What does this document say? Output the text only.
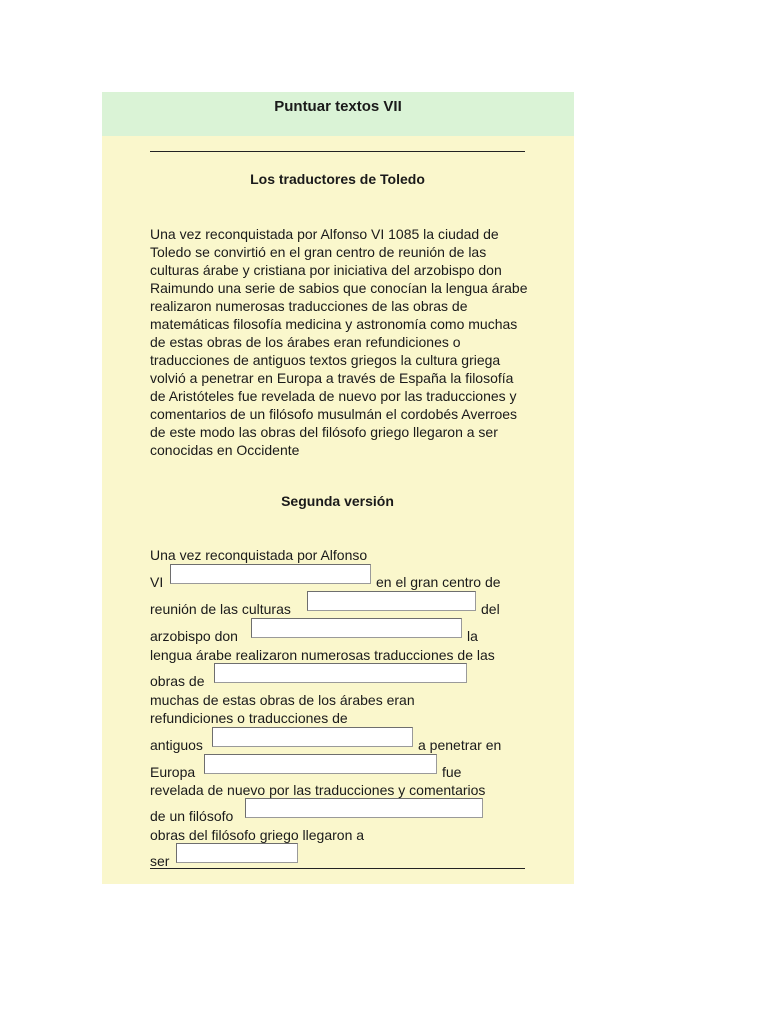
Puntuar textos VII
Los traductores de Toledo

Una vez reconquistada por Alfonso VI 1085 la ciudad de Toledo se convirtió en el gran centro de reunión de las culturas árabe y cristiana por iniciativa del arzobispo don Raimundo una serie de sabios que conocían la lengua árabe realizaron numerosas traducciones de las obras de matemáticas filosofía medicina y astronomía como muchas de estas obras de los árabes eran refundiciones o traducciones de antiguos textos griegos la cultura griega volvió a penetrar en Europa a través de España la filosofía de Aristóteles fue revelada de nuevo por las traducciones y comentarios de un filósofo musulmán el cordobés Averroes de este modo las obras del filósofo griego llegaron a ser conocidas en Occidente

Segunda versión
Una vez reconquistada por Alfonso
VI	en el gran centro de
reunión de las culturas	del
arzobispo don	la
lengua árabe realizaron numerosas traducciones de las
obras de
muchas de estas obras de los árabes eran
refundiciones o traducciones de
antiguos	a penetrar en
Europa	fue
revelada de nuevo por las traducciones y comentarios
de un filósofo
obras del filósofo griego llegaron a
ser
